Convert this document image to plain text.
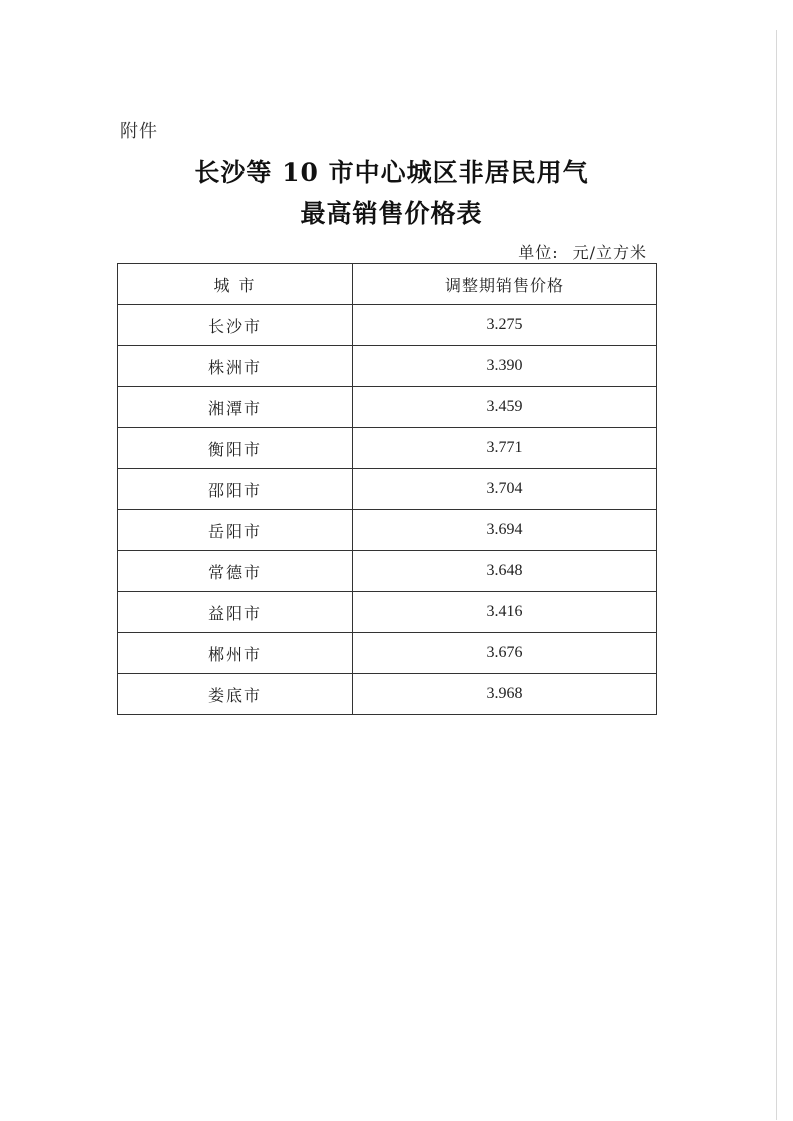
附件
长沙等 10 市中心城区非居民用气
最高销售价格表
单位: 元/立方米
城 市	调整期销售价格
长沙市	3.275
株洲市	3.390
湘潭市	3.459
衡阳市	3.771
邵阳市	3.704
岳阳市	3.694
常德市	3.648
益阳市	3.416
郴州市	3.676
娄底市	3.968
